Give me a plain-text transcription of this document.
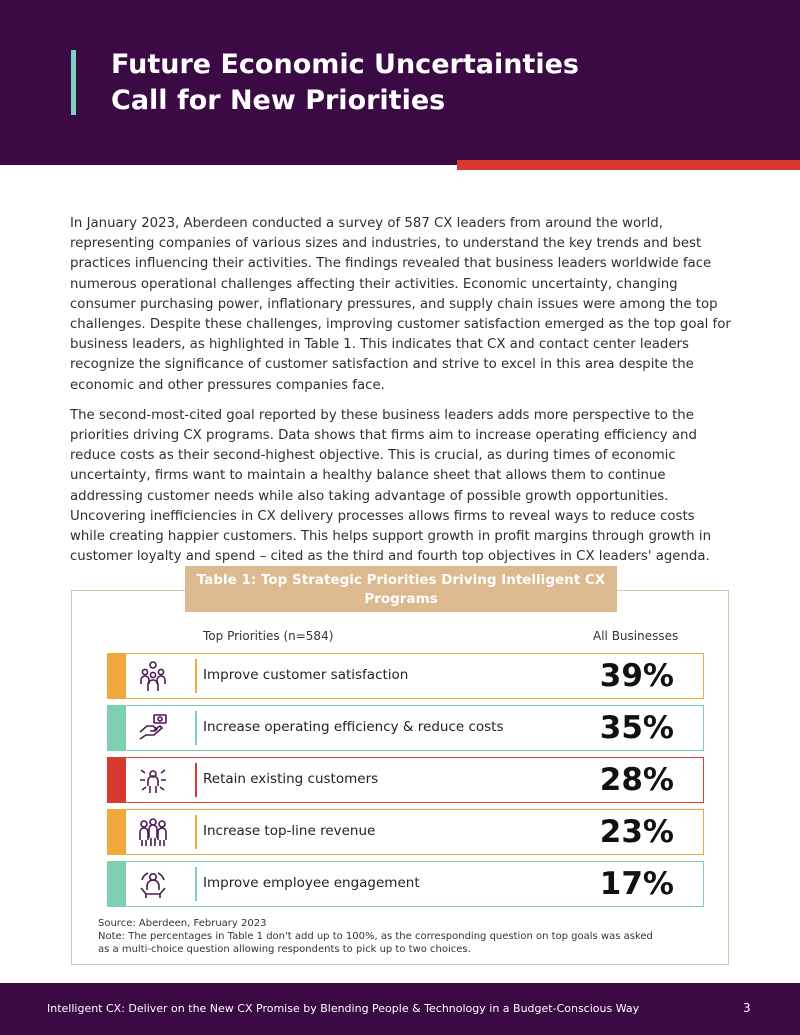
Future Economic Uncertainties
Call for New Priorities

In January 2023, Aberdeen conducted a survey of 587 CX leaders from around the world, representing companies of various sizes and industries, to understand the key trends and best practices influencing their activities. The findings revealed that business leaders worldwide face numerous operational challenges affecting their activities. Economic uncertainty, changing consumer purchasing power, inflationary pressures, and supply chain issues were among the top challenges. Despite these challenges, improving customer satisfaction emerged as the top goal for business leaders, as highlighted in Table 1. This indicates that CX and contact center leaders recognize the significance of customer satisfaction and strive to excel in this area despite the economic and other pressures companies face.

The second-most-cited goal reported by these business leaders adds more perspective to the priorities driving CX programs. Data shows that firms aim to increase operating efficiency and reduce costs as their second-highest objective. This is crucial, as during times of economic uncertainty, firms want to maintain a healthy balance sheet that allows them to continue addressing customer needs while also taking advantage of possible growth opportunities. Uncovering inefficiencies in CX delivery processes allows firms to reveal ways to reduce costs while creating happier customers. This helps support growth in profit margins through growth in customer loyalty and spend – cited as the third and fourth top objectives in CX leaders' agenda.

Table 1: Top Strategic Priorities Driving Intelligent CX Programs
Top Priorities (n=584)	All Businesses
Improve customer satisfaction	39%
Increase operating efficiency & reduce costs	35%
Retain existing customers	28%
Increase top-line revenue	23%
Improve employee engagement	17%
Source: Aberdeen, February 2023
Note: The percentages in Table 1 don't add up to 100%, as the corresponding question on top goals was asked
as a multi-choice question allowing respondents to pick up to two choices.
Intelligent CX: Deliver on the New CX Promise by Blending People & Technology in a Budget-Conscious Way	3
